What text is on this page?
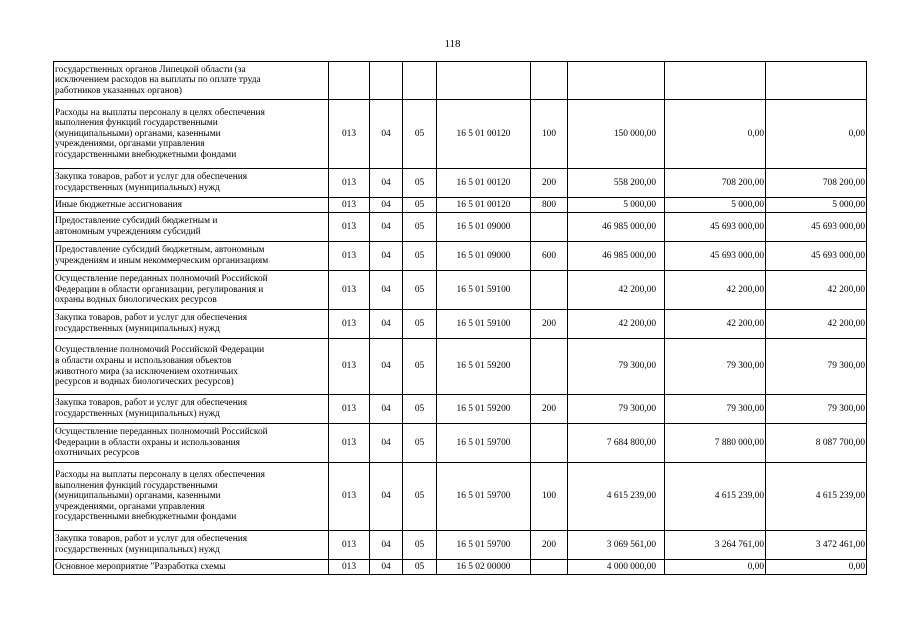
118
государственных органов Липецкой области (за
исключением расходов на выплаты по оплате труда
работников указанных органов)								
Расходы на выплаты персоналу в целях обеспечения
выполнения функций государственными
(муниципальными) органами, казенными
учреждениями, органами управления
государственными внебюджетными фондами	013	04	05	16 5 01 00120	100	150 000,00	0,00	0,00
Закупка товаров, работ и услуг для обеспечения
государственных (муниципальных) нужд	013	04	05	16 5 01 00120	200	558 200,00	708 200,00	708 200,00
Иные бюджетные ассигнования	013	04	05	16 5 01 00120	800	5 000,00	5 000,00	5 000,00
Предоставление субсидий бюджетным и
автономным учреждениям субсидий	013	04	05	16 5 01 09000		46 985 000,00	45 693 000,00	45 693 000,00
Предоставление субсидий бюджетным, автономным
учреждениям и иным некоммерческим организациям	013	04	05	16 5 01 09000	600	46 985 000,00	45 693 000,00	45 693 000,00
Осуществление переданных полномочий Российской
Федерации в области организации, регулирования и
охраны водных биологических ресурсов	013	04	05	16 5 01 59100		42 200,00	42 200,00	42 200,00
Закупка товаров, работ и услуг для обеспечения
государственных (муниципальных) нужд	013	04	05	16 5 01 59100	200	42 200,00	42 200,00	42 200,00
Осуществление полномочий Российской Федерации
в области охраны и использования объектов
животного мира (за исключением охотничьих
ресурсов и водных биологических ресурсов)	013	04	05	16 5 01 59200		79 300,00	79 300,00	79 300,00
Закупка товаров, работ и услуг для обеспечения
государственных (муниципальных) нужд	013	04	05	16 5 01 59200	200	79 300,00	79 300,00	79 300,00
Осуществление переданных полномочий Российской
Федерации в области охраны и использования
охотничьих ресурсов	013	04	05	16 5 01 59700		7 684 800,00	7 880 000,00	8 087 700,00
Расходы на выплаты персоналу в целях обеспечения
выполнения функций государственными
(муниципальными) органами, казенными
учреждениями, органами управления
государственными внебюджетными фондами	013	04	05	16 5 01 59700	100	4 615 239,00	4 615 239,00	4 615 239,00
Закупка товаров, работ и услуг для обеспечения
государственных (муниципальных) нужд	013	04	05	16 5 01 59700	200	3 069 561,00	3 264 761,00	3 472 461,00
Основное мероприятие "Разработка схемы	013	04	05	16 5 02 00000		4 000 000,00	0,00	0,00
